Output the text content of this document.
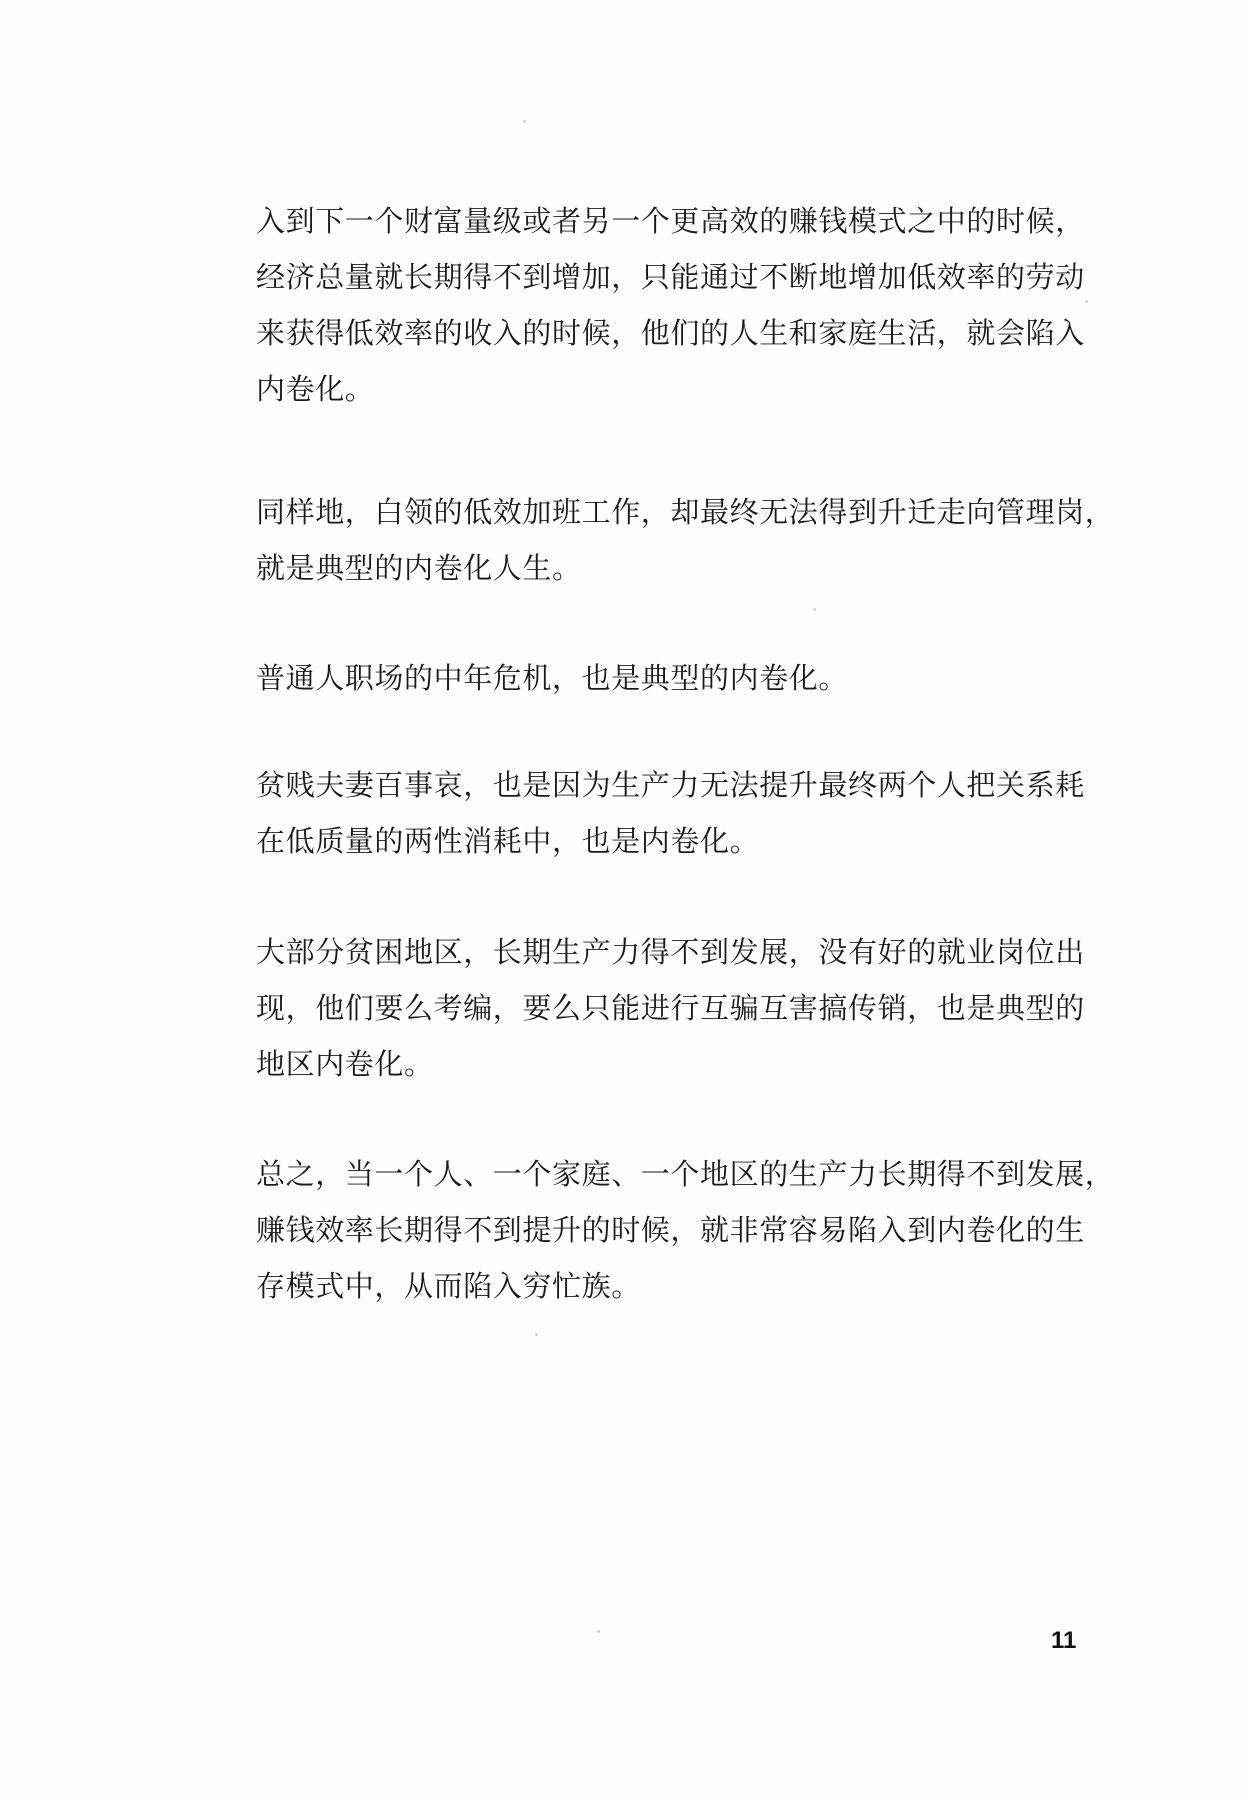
入到下一个财富量级或者另一个更高效的赚钱模式之中的时候，
经济总量就长期得不到增加，只能通过不断地增加低效率的劳动
来获得低效率的收入的时候，他们的人生和家庭生活，就会陷入
内卷化。
同样地，白领的低效加班工作，却最终无法得到升迁走向管理岗，
就是典型的内卷化人生。
普通人职场的中年危机，也是典型的内卷化。
贫贱夫妻百事哀，也是因为生产力无法提升最终两个人把关系耗
在低质量的两性消耗中，也是内卷化。
大部分贫困地区，长期生产力得不到发展，没有好的就业岗位出
现，他们要么考编，要么只能进行互骗互害搞传销，也是典型的
地区内卷化。
总之，当一个人、一个家庭、一个地区的生产力长期得不到发展，
赚钱效率长期得不到提升的时候，就非常容易陷入到内卷化的生
存模式中，从而陷入穷忙族。
11
